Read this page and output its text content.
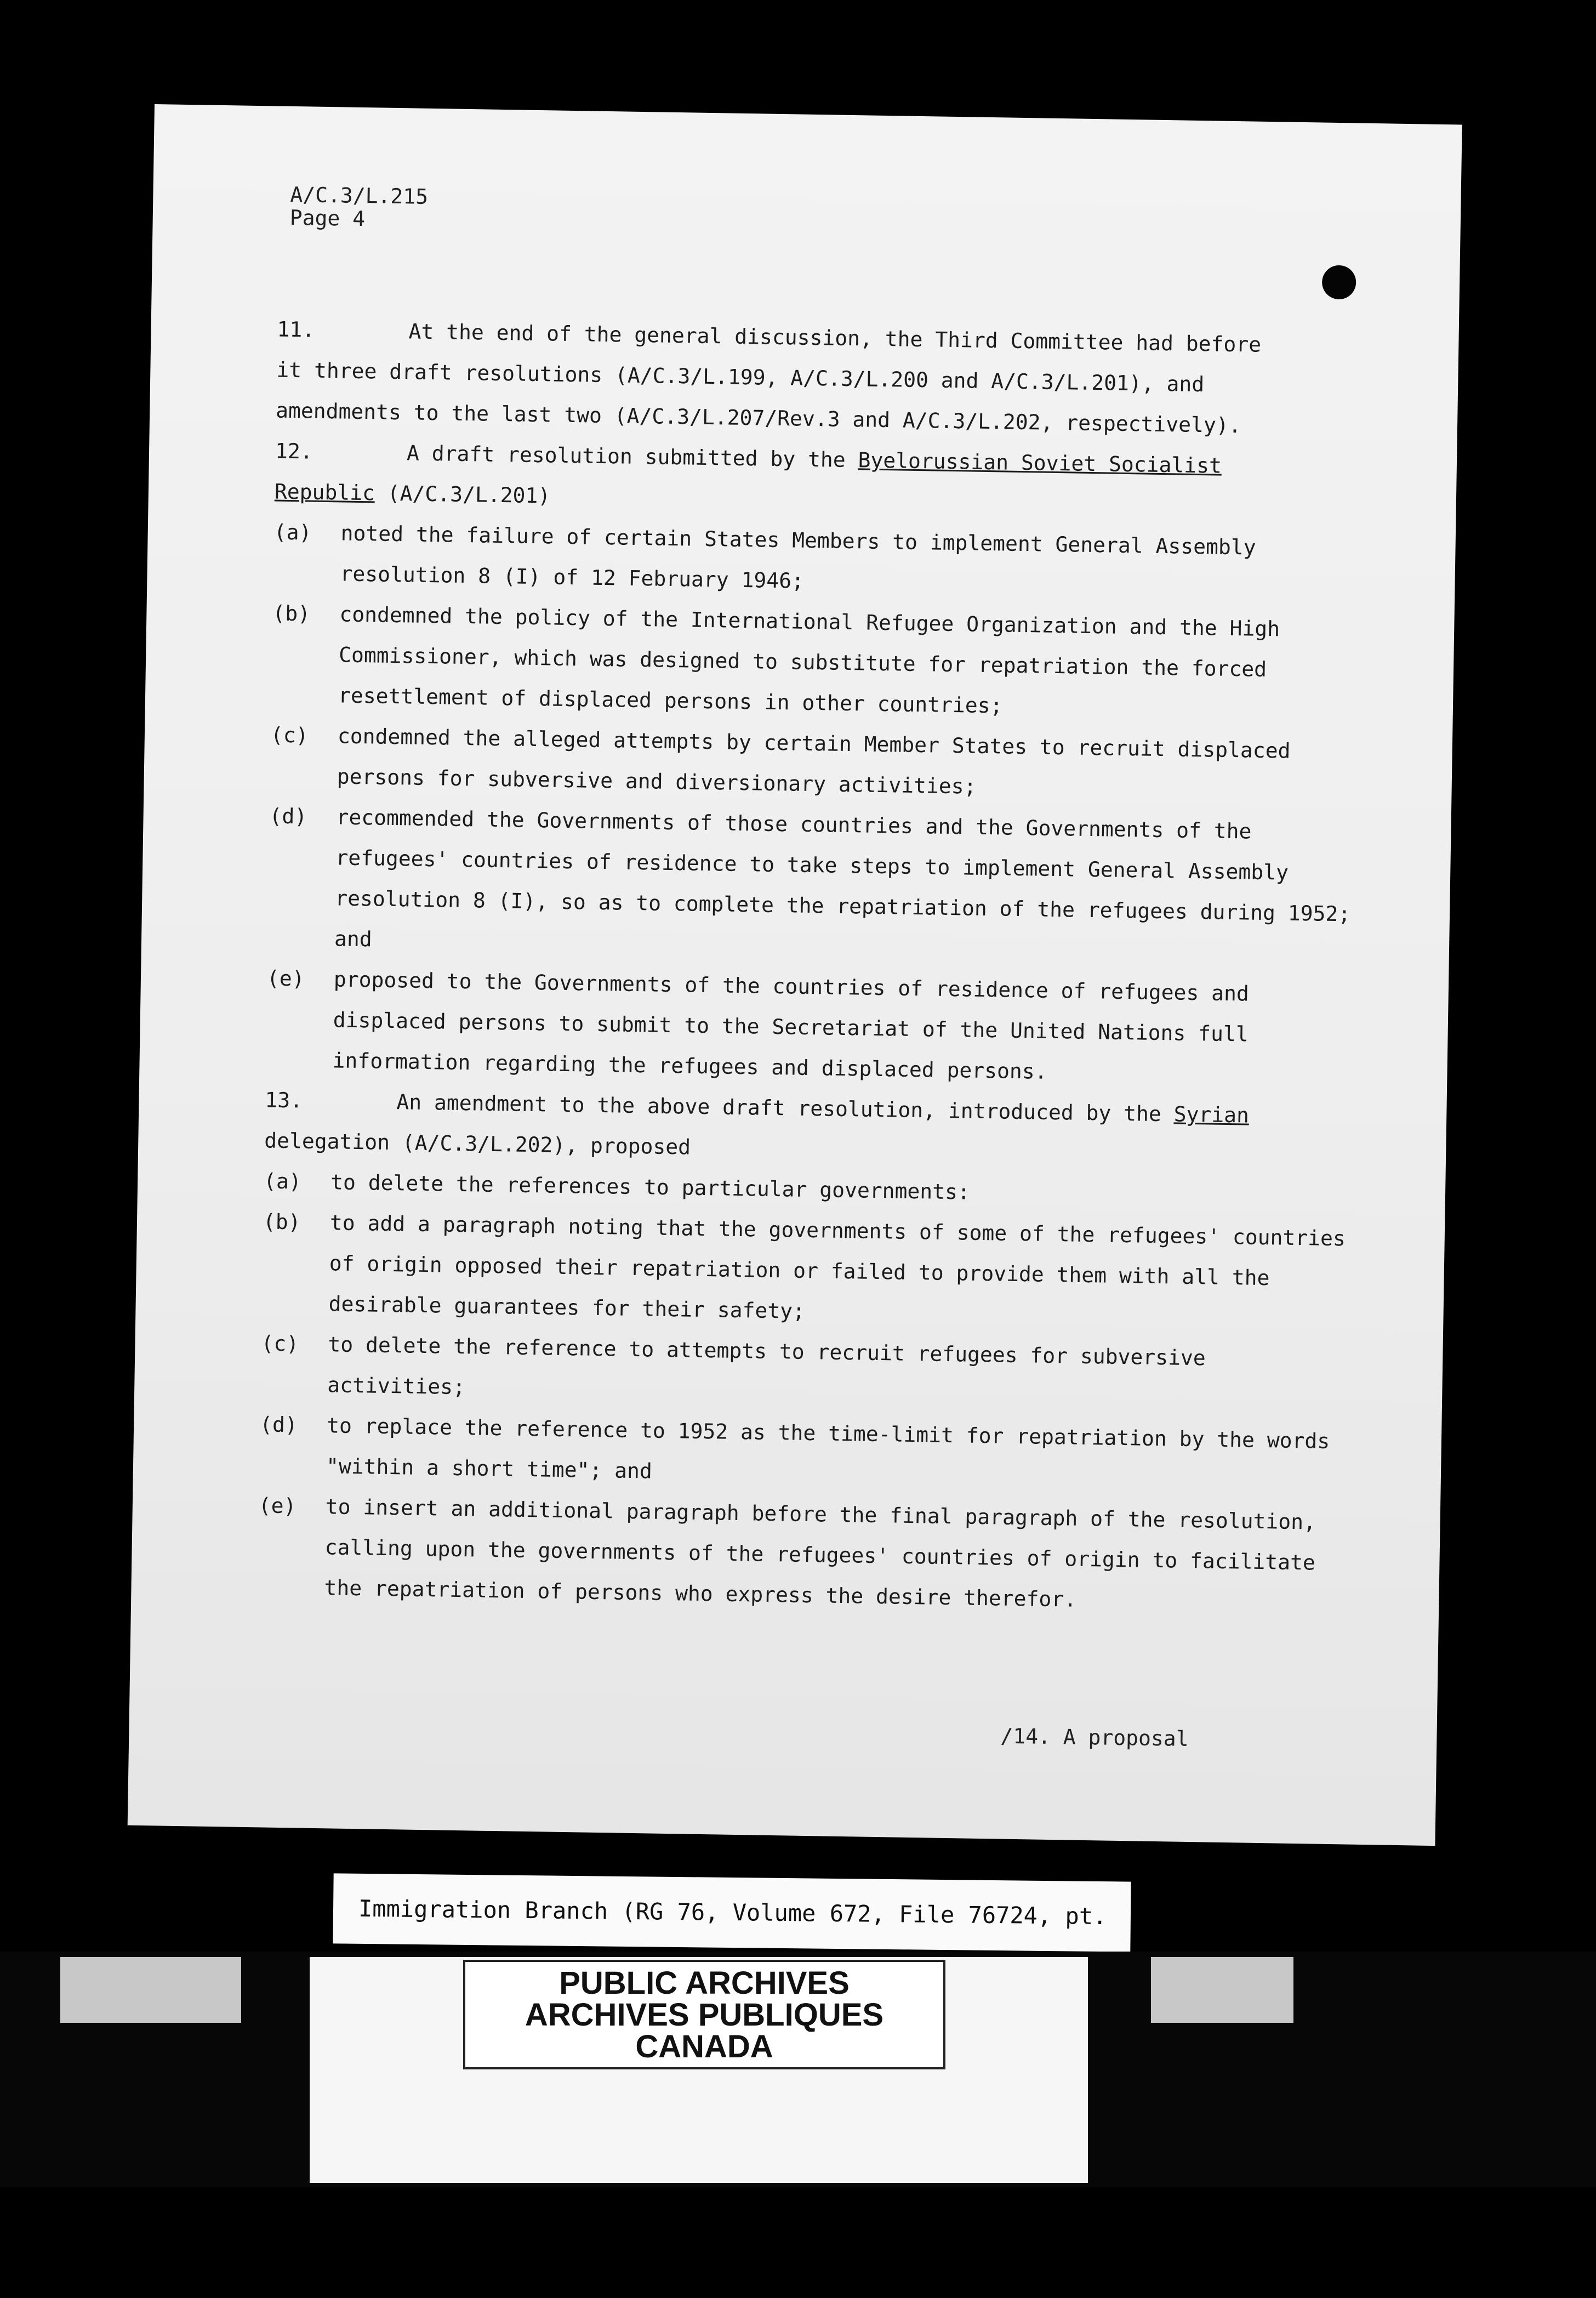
A/C.3/L.215
Page 4
11.	At the end of the general discussion, the Third Committee had before
it three draft resolutions (A/C.3/L.199, A/C.3/L.200 and A/C.3/L.201), and
amendments to the last two (A/C.3/L.207/Rev.3 and A/C.3/L.202, respectively).
12.	A draft resolution submitted by the Byelorussian Soviet Socialist
Republic (A/C.3/L.201)
(a) noted the failure of certain States Members to implement General Assembly resolution 8 (I) of 12 February 1946;
(b) condemned the policy of the International Refugee Organization and the High Commissioner, which was designed to substitute for repatriation the forced resettlement of displaced persons in other countries;
(c) condemned the alleged attempts by certain Member States to recruit displaced persons for subversive and diversionary activities;
(d) recommended the Governments of those countries and the Governments of the refugees' countries of residence to take steps to implement General Assembly resolution 8 (I), so as to complete the repatriation of the refugees during 1952; and
(e) proposed to the Governments of the countries of residence of refugees and displaced persons to submit to the Secretariat of the United Nations full information regarding the refugees and displaced persons.
13.	An amendment to the above draft resolution, introduced by the Syrian
delegation (A/C.3/L.202), proposed
(a) to delete the references to particular governments:
(b) to add a paragraph noting that the governments of some of the refugees' countries of origin opposed their repatriation or failed to provide them with all the desirable guarantees for their safety;
(c) to delete the reference to attempts to recruit refugees for subversive activities;
(d) to replace the reference to 1952 as the time-limit for repatriation by the words "within a short time"; and
(e) to insert an additional paragraph before the final paragraph of the resolution, calling upon the governments of the refugees' countries of origin to facilitate the repatriation of persons who express the desire therefor.
/14. A proposal
Immigration Branch (RG 76, Volume 672, File 76724, pt.
PUBLIC ARCHIVES
ARCHIVES PUBLIQUES
CANADA
